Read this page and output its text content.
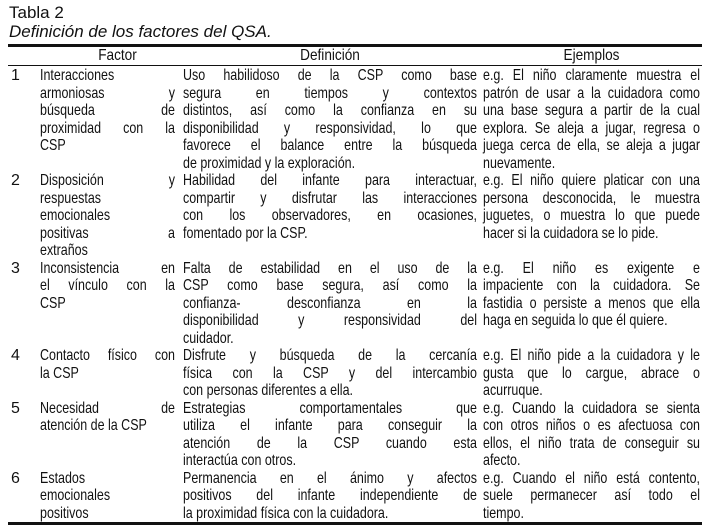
Tabla 2
Definición de los factores del QSA.
Factor	Definición	Ejemplos
1 Interacciones
armoniosas y
búsqueda de
proximidad con la
CSP
Uso habilidoso de la CSP como base
segura en tiempos y contextos
distintos, así como la confianza en su
disponibilidad y responsividad, lo que
favorece el balance entre la búsqueda
de proximidad y la exploración.
e.g. El niño claramente muestra el
patrón de usar a la cuidadora como
una base segura a partir de la cual
explora. Se aleja a jugar, regresa o
juega cerca de ella, se aleja a jugar
nuevamente.
2 Disposición y
respuestas
emocionales
positivas a
extraños
Habilidad del infante para interactuar,
compartir y disfrutar las interacciones
con los observadores, en ocasiones,
fomentado por la CSP.
e.g. El niño quiere platicar con una
persona desconocida, le muestra
juguetes, o muestra lo que puede
hacer si la cuidadora se lo pide.
3 Inconsistencia en
el vínculo con la
CSP
Falta de estabilidad en el uso de la
CSP como base segura, así como la
confianza- desconfianza en la
disponibilidad y responsividad del
cuidador.
e.g. El niño es exigente e
impaciente con la cuidadora. Se
fastidia o persiste a menos que ella
haga en seguida lo que él quiere.
4 Contacto físico con
la CSP
Disfrute y búsqueda de la cercanía
física con la CSP y del intercambio
con personas diferentes a ella.
e.g. El niño pide a la cuidadora y le
gusta que lo cargue, abrace o
acurruque.
5 Necesidad de
atención de la CSP
Estrategias comportamentales que
utiliza el infante para conseguir la
atención de la CSP cuando esta
interactúa con otros.
e.g. Cuando la cuidadora se sienta
con otros niños o es afectuosa con
ellos, el niño trata de conseguir su
afecto.
6 Estados
emocionales
positivos
Permanencia en el ánimo y afectos
positivos del infante independiente de
la proximidad física con la cuidadora.
e.g. Cuando el niño está contento,
suele permanecer así todo el
tiempo.
